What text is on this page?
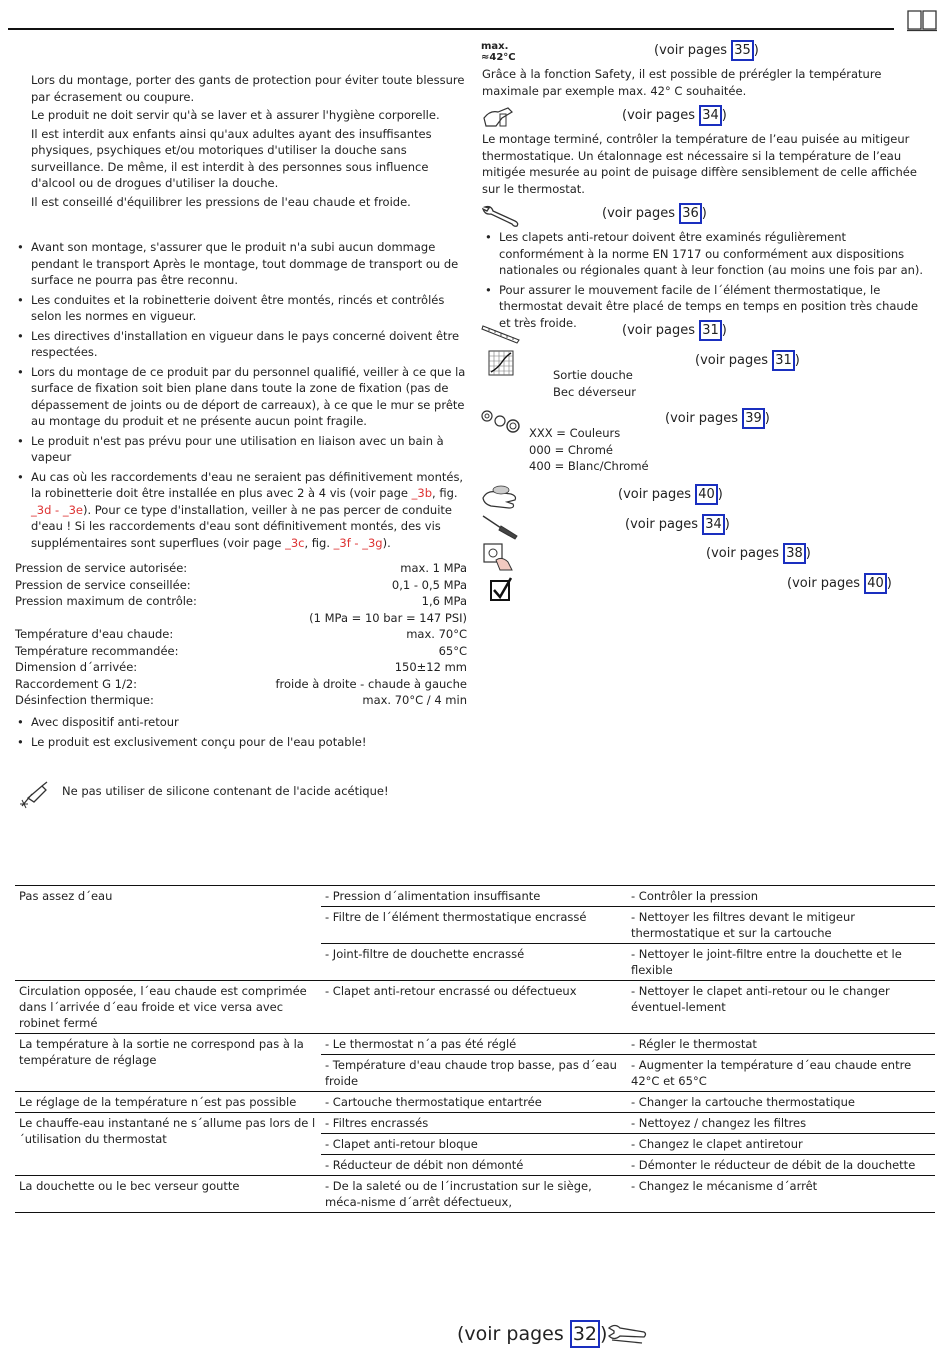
Lors du montage, porter des gants de protection pour éviter toute blessure par écrasement ou coupure.

Le produit ne doit servir qu'à se laver et à assurer l'hygiène corporelle.

Il est interdit aux enfants ainsi qu'aux adultes ayant des insuffisantes physiques, psychiques et/ou motoriques d'utiliser la douche sans surveillance. De même, il est interdit à des personnes sous influence d'alcool ou de drogues d'utiliser la douche.

Il est conseillé d'équilibrer les pressions de l'eau chaude et froide.

• Avant son montage, s'assurer que le produit n'a subi aucun dommage pendant le transport Après le montage, tout dommage de transport ou de surface ne pourra pas être reconnu.
• Les conduites et la robinetterie doivent être montés, rincés et contrôlés selon les normes en vigueur.
• Les directives d'installation en vigueur dans le pays concerné doivent être respectées.
• Lors du montage de ce produit par du personnel qualifié, veiller à ce que la surface de fixation soit bien plane dans toute la zone de fixation (pas de dépassement de joints ou de déport de carreaux), à ce que le mur se prête au montage du produit et ne présente aucun point fragile.
• Le produit n'est pas prévu pour une utilisation en liaison avec un bain à vapeur
• Au cas où les raccordements d'eau ne seraient pas définitivement montés, la robinetterie doit être installée en plus avec 2 à 4 vis (voir page _3b, fig. _3d - _3e). Pour ce type d'installation, veiller à ne pas percer de conduite d'eau ! Si les raccordements d'eau sont définitivement montés, des vis supplémentaires sont superflues (voir page _3c, fig. _3f - _3g).
Pression de service autorisée:	max. 1 MPa
Pression de service conseillée:	0,1 - 0,5 MPa
Pression maximum de contrôle:	1,6 MPa
(1 MPa = 10 bar = 147 PSI)
Température d'eau chaude:	max. 70°C
Température recommandée:	65°C
Dimension d´arrivée:	150±12 mm
Raccordement G 1/2:	froide à droite - chaude à gauche
Désinfection thermique:	max. 70°C / 4 min
• Avec dispositif anti-retour
• Le produit est exclusivement conçu pour de l'eau potable!
Ne pas utiliser de silicone contenant de l'acide acétique!
max.
≈42°C	(voir pages 35 )
Grâce à la fonction Safety, il est possible de prérégler la température maximale par exemple max. 42° C souhaitée.
(voir pages 34 )
Le montage terminé, contrôler la température de l’eau puisée au mitigeur thermostatique. Un étalonnage est nécessaire si la température de l’eau mitigée mesurée au point de puisage diffère sensiblement de celle affichée sur le thermostat.
(voir pages 36 )
• Les clapets anti-retour doivent être examinés régulièrement conformément à la norme EN 1717 ou conformément aux dispositions nationales ou régionales quant à leur fonction (au moins une fois par an).
• Pour assurer le mouvement facile de l´élément thermostatique, le thermostat devait être placé de temps en temps en position très chaude et très froide.
(voir pages 31 )
(voir pages 31 )
Sortie douche
Bec déverseur
(voir pages 39 )
XXX = Couleurs
000 = Chromé
400 = Blanc/Chromé
(voir pages 40 )
(voir pages 34 )
(voir pages 38 )
(voir pages 40 )
Pas assez d´eau	- Pression d´alimentation insuffisante	- Contrôler la pression
	- Filtre de l´élément thermostatique encrassé	- Nettoyer les filtres devant le mitigeur thermostatique et sur la cartouche
	- Joint-filtre de douchette encrassé	- Nettoyer le joint-filtre entre la douchette et le flexible
Circulation opposée, l´eau chaude est comprimée dans l´arrivée d´eau froide et vice versa avec robinet fermé	- Clapet anti-retour encrassé ou défectueux	- Nettoyer le clapet anti-retour ou le changer éventuel-lement
La température à la sortie ne correspond pas à la température de réglage	- Le thermostat n´a pas été réglé	- Régler le thermostat
	- Température d'eau chaude trop basse, pas d´eau froide	- Augmenter la température d´eau chaude entre 42°C et 65°C
Le réglage de la température n´est pas possible	- Cartouche thermostatique entartrée	- Changer la cartouche thermostatique
Le chauffe-eau instantané ne s´allume pas lors de l´utilisation du thermostat	- Filtres encrassés	- Nettoyez / changez les filtres
	- Clapet anti-retour bloque	- Changez le clapet antiretour
	- Réducteur de débit non démonté	- Démonter le réducteur de débit de la douchette
La douchette ou le bec verseur goutte	- De la saleté ou de l´incrustation sur le siège, méca-nisme d´arrêt défectueux,	- Changez le mécanisme d´arrêt
(voir pages 32 )
